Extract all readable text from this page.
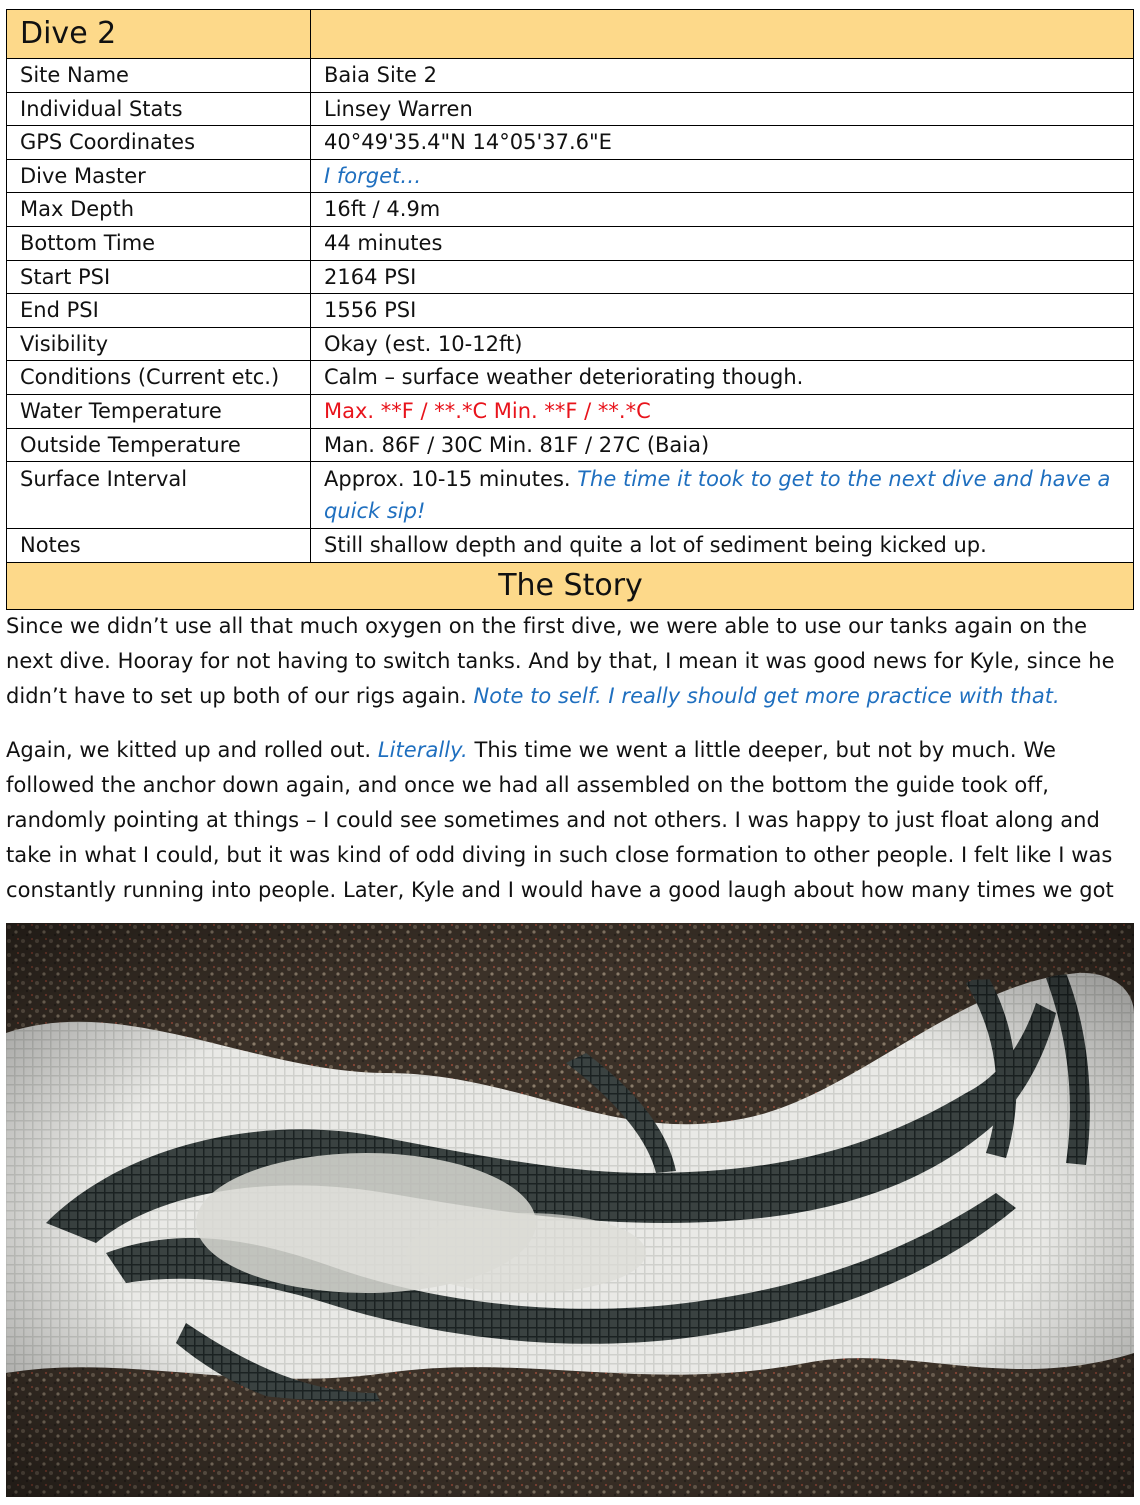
Dive 2	
Site Name	Baia Site 2
Individual Stats	Linsey Warren
GPS Coordinates	40°49'35.4"N 14°05'37.6"E
Dive Master	I forget…
Max Depth	16ft / 4.9m
Bottom Time	44 minutes
Start PSI	2164 PSI
End PSI	1556 PSI
Visibility	Okay (est. 10-12ft)
Conditions (Current etc.)	Calm – surface weather deteriorating though.
Water Temperature	Max. **F / **.*C Min. **F / **.*C
Outside Temperature	Man. 86F / 30C Min. 81F / 27C (Baia)
Surface Interval	Approx. 10-15 minutes. The time it took to get to the next dive and have a quick sip!
Notes	Still shallow depth and quite a lot of sediment being kicked up.
The Story	

Since we didn’t use all that much oxygen on the first dive, we were able to use our tanks again on the next dive. Hooray for not having to switch tanks. And by that, I mean it was good news for Kyle, since he didn’t have to set up both of our rigs again. Note to self. I really should get more practice with that.

Again, we kitted up and rolled out. Literally. This time we went a little deeper, but not by much. We followed the anchor down again, and once we had all assembled on the bottom the guide took off, randomly pointing at things – I could see sometimes and not others. I was happy to just float along and take in what I could, but it was kind of odd diving in such close formation to other people. I felt like I was constantly running into people. Later, Kyle and I would have a good laugh about how many times we got
